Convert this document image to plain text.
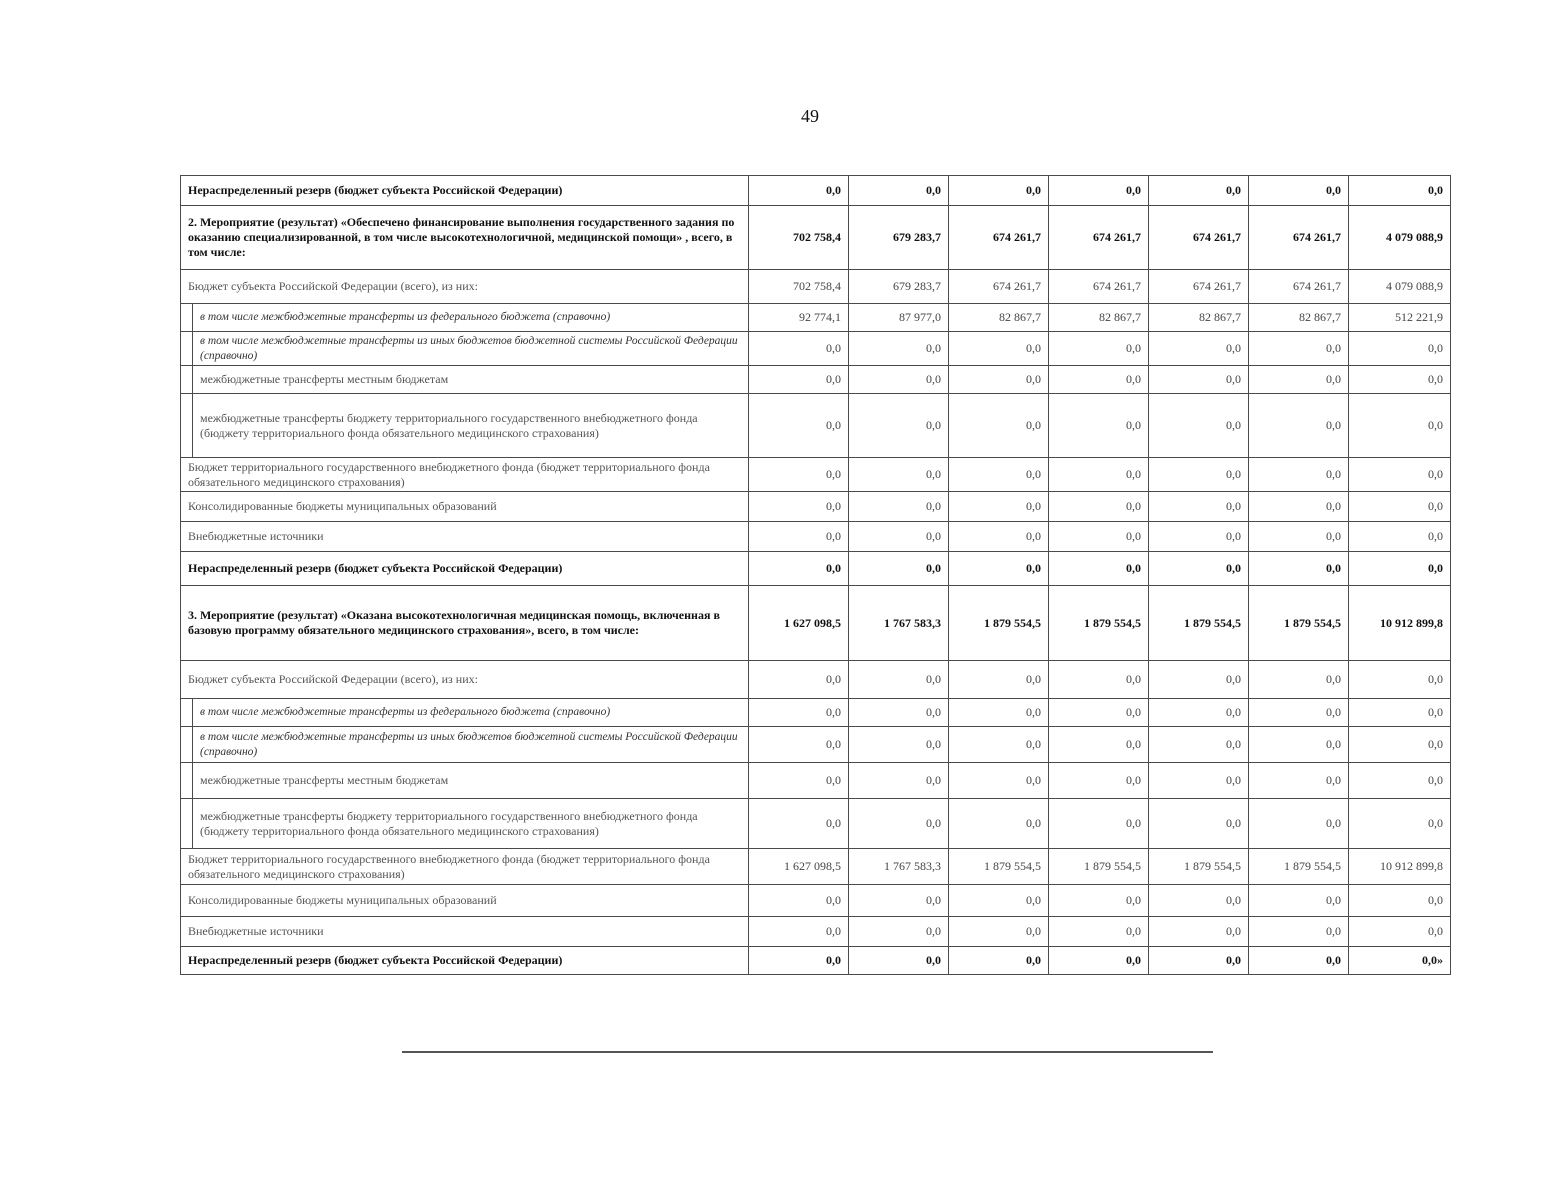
49
Нераспределенный резерв (бюджет субъекта Российской Федерации)		0,0	0,0	0,0	0,0	0,0	0,0	0,0
2. Мероприятие (результат) «Обеспечено финансирование выполнения государственного задания по оказанию специализированной, в том числе высокотехнологичной, медицинской помощи» , всего, в том числе:		702 758,4	679 283,7	674 261,7	674 261,7	674 261,7	674 261,7	4 079 088,9
Бюджет субъекта Российской Федерации (всего), из них:		702 758,4	679 283,7	674 261,7	674 261,7	674 261,7	674 261,7	4 079 088,9
	в том числе межбюджетные трансферты из федерального бюджета (справочно)	92 774,1	87 977,0	82 867,7	82 867,7	82 867,7	82 867,7	512 221,9
	в том числе межбюджетные трансферты из иных бюджетов бюджетной системы Российской Федерации (справочно)	0,0	0,0	0,0	0,0	0,0	0,0	0,0
	межбюджетные трансферты местным бюджетам	0,0	0,0	0,0	0,0	0,0	0,0	0,0
	межбюджетные трансферты бюджету территориального государственного внебюджетного фонда (бюджету территориального фонда обязательного медицинского страхования)	0,0	0,0	0,0	0,0	0,0	0,0	0,0
Бюджет территориального государственного внебюджетного фонда (бюджет территориального фонда обязательного медицинского страхования)		0,0	0,0	0,0	0,0	0,0	0,0	0,0
Консолидированные бюджеты муниципальных образований		0,0	0,0	0,0	0,0	0,0	0,0	0,0
Внебюджетные источники		0,0	0,0	0,0	0,0	0,0	0,0	0,0
Нераспределенный резерв (бюджет субъекта Российской Федерации)		0,0	0,0	0,0	0,0	0,0	0,0	0,0
3. Мероприятие (результат) «Оказана высокотехнологичная медицинская помощь, включенная в базовую программу обязательного медицинского страхования», всего, в том числе:		1 627 098,5	1 767 583,3	1 879 554,5	1 879 554,5	1 879 554,5	1 879 554,5	10 912 899,8
Бюджет субъекта Российской Федерации (всего), из них:		0,0	0,0	0,0	0,0	0,0	0,0	0,0
	в том числе межбюджетные трансферты из федерального бюджета (справочно)	0,0	0,0	0,0	0,0	0,0	0,0	0,0
	в том числе межбюджетные трансферты из иных бюджетов бюджетной системы Российской Федерации (справочно)	0,0	0,0	0,0	0,0	0,0	0,0	0,0
	межбюджетные трансферты местным бюджетам	0,0	0,0	0,0	0,0	0,0	0,0	0,0
	межбюджетные трансферты бюджету территориального государственного внебюджетного фонда (бюджету территориального фонда обязательного медицинского страхования)	0,0	0,0	0,0	0,0	0,0	0,0	0,0
Бюджет территориального государственного внебюджетного фонда (бюджет территориального фонда обязательного медицинского страхования)		1 627 098,5	1 767 583,3	1 879 554,5	1 879 554,5	1 879 554,5	1 879 554,5	10 912 899,8
Консолидированные бюджеты муниципальных образований		0,0	0,0	0,0	0,0	0,0	0,0	0,0
Внебюджетные источники		0,0	0,0	0,0	0,0	0,0	0,0	0,0
Нераспределенный резерв (бюджет субъекта Российской Федерации)		0,0	0,0	0,0	0,0	0,0	0,0	0,0»
